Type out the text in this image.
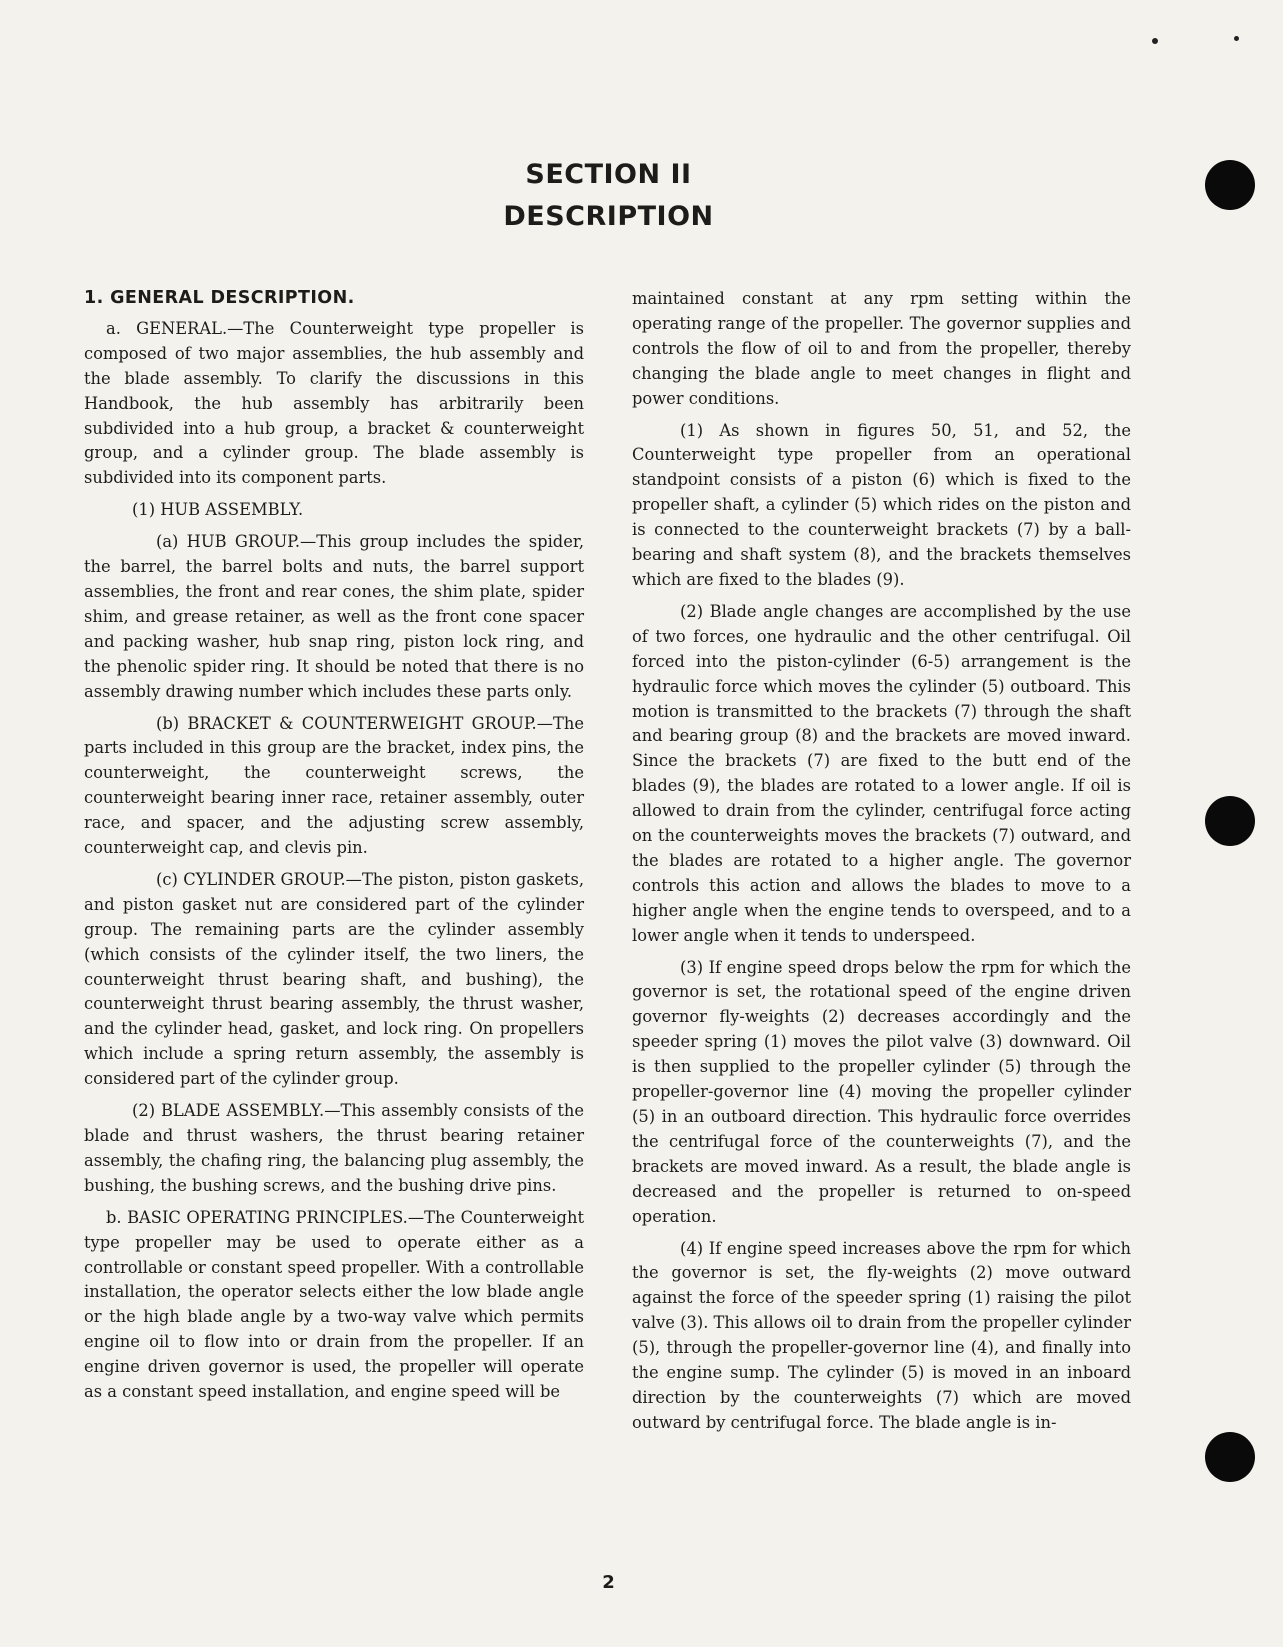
SECTION II
DESCRIPTION

1. GENERAL DESCRIPTION.

a. GENERAL.—The Counterweight type propeller is composed of two major assemblies, the hub assembly and the blade assembly. To clarify the discussions in this Handbook, the hub assembly has arbitrarily been subdivided into a hub group, a bracket & counterweight group, and a cylinder group. The blade assembly is subdivided into its component parts.

(1) HUB ASSEMBLY.

(a) HUB GROUP.—This group includes the spider, the barrel, the barrel bolts and nuts, the barrel support assemblies, the front and rear cones, the shim plate, spider shim, and grease retainer, as well as the front cone spacer and packing washer, hub snap ring, piston lock ring, and the phenolic spider ring. It should be noted that there is no assembly drawing number which includes these parts only.

(b) BRACKET & COUNTERWEIGHT GROUP.—The parts included in this group are the bracket, index pins, the counterweight, the counterweight screws, the counterweight bearing inner race, retainer assembly, outer race, and spacer, and the adjusting screw assembly, counterweight cap, and clevis pin.

(c) CYLINDER GROUP.—The piston, piston gaskets, and piston gasket nut are considered part of the cylinder group. The remaining parts are the cylinder assembly (which consists of the cylinder itself, the two liners, the counterweight thrust bearing shaft, and bushing), the counterweight thrust bearing assembly, the thrust washer, and the cylinder head, gasket, and lock ring. On propellers which include a spring return assembly, the assembly is considered part of the cylinder group.

(2) BLADE ASSEMBLY.—This assembly consists of the blade and thrust washers, the thrust bearing retainer assembly, the chafing ring, the balancing plug assembly, the bushing, the bushing screws, and the bushing drive pins.

b. BASIC OPERATING PRINCIPLES.—The Counterweight type propeller may be used to operate either as a controllable or constant speed propeller. With a controllable installation, the operator selects either the low blade angle or the high blade angle by a two-way valve which permits engine oil to flow into or drain from the propeller. If an engine driven governor is used, the propeller will operate as a constant speed installation, and engine speed will be

maintained constant at any rpm setting within the operating range of the propeller. The governor supplies and controls the flow of oil to and from the propeller, thereby changing the blade angle to meet changes in flight and power conditions.

(1) As shown in figures 50, 51, and 52, the Counterweight type propeller from an operational standpoint consists of a piston (6) which is fixed to the propeller shaft, a cylinder (5) which rides on the piston and is connected to the counterweight brackets (7) by a ball-bearing and shaft system (8), and the brackets themselves which are fixed to the blades (9).

(2) Blade angle changes are accomplished by the use of two forces, one hydraulic and the other centrifugal. Oil forced into the piston-cylinder (6-5) arrangement is the hydraulic force which moves the cylinder (5) outboard. This motion is transmitted to the brackets (7) through the shaft and bearing group (8) and the brackets are moved inward. Since the brackets (7) are fixed to the butt end of the blades (9), the blades are rotated to a lower angle. If oil is allowed to drain from the cylinder, centrifugal force acting on the counterweights moves the brackets (7) outward, and the blades are rotated to a higher angle. The governor controls this action and allows the blades to move to a higher angle when the engine tends to overspeed, and to a lower angle when it tends to underspeed.

(3) If engine speed drops below the rpm for which the governor is set, the rotational speed of the engine driven governor fly-weights (2) decreases accordingly and the speeder spring (1) moves the pilot valve (3) downward. Oil is then supplied to the propeller cylinder (5) through the propeller-governor line (4) moving the propeller cylinder (5) in an outboard direction. This hydraulic force overrides the centrifugal force of the counterweights (7), and the brackets are moved inward. As a result, the blade angle is decreased and the propeller is returned to on-speed operation.

(4) If engine speed increases above the rpm for which the governor is set, the fly-weights (2) move outward against the force of the speeder spring (1) raising the pilot valve (3). This allows oil to drain from the propeller cylinder (5), through the propeller-governor line (4), and finally into the engine sump. The cylinder (5) is moved in an inboard direction by the counterweights (7) which are moved outward by centrifugal force. The blade angle is in-

2
